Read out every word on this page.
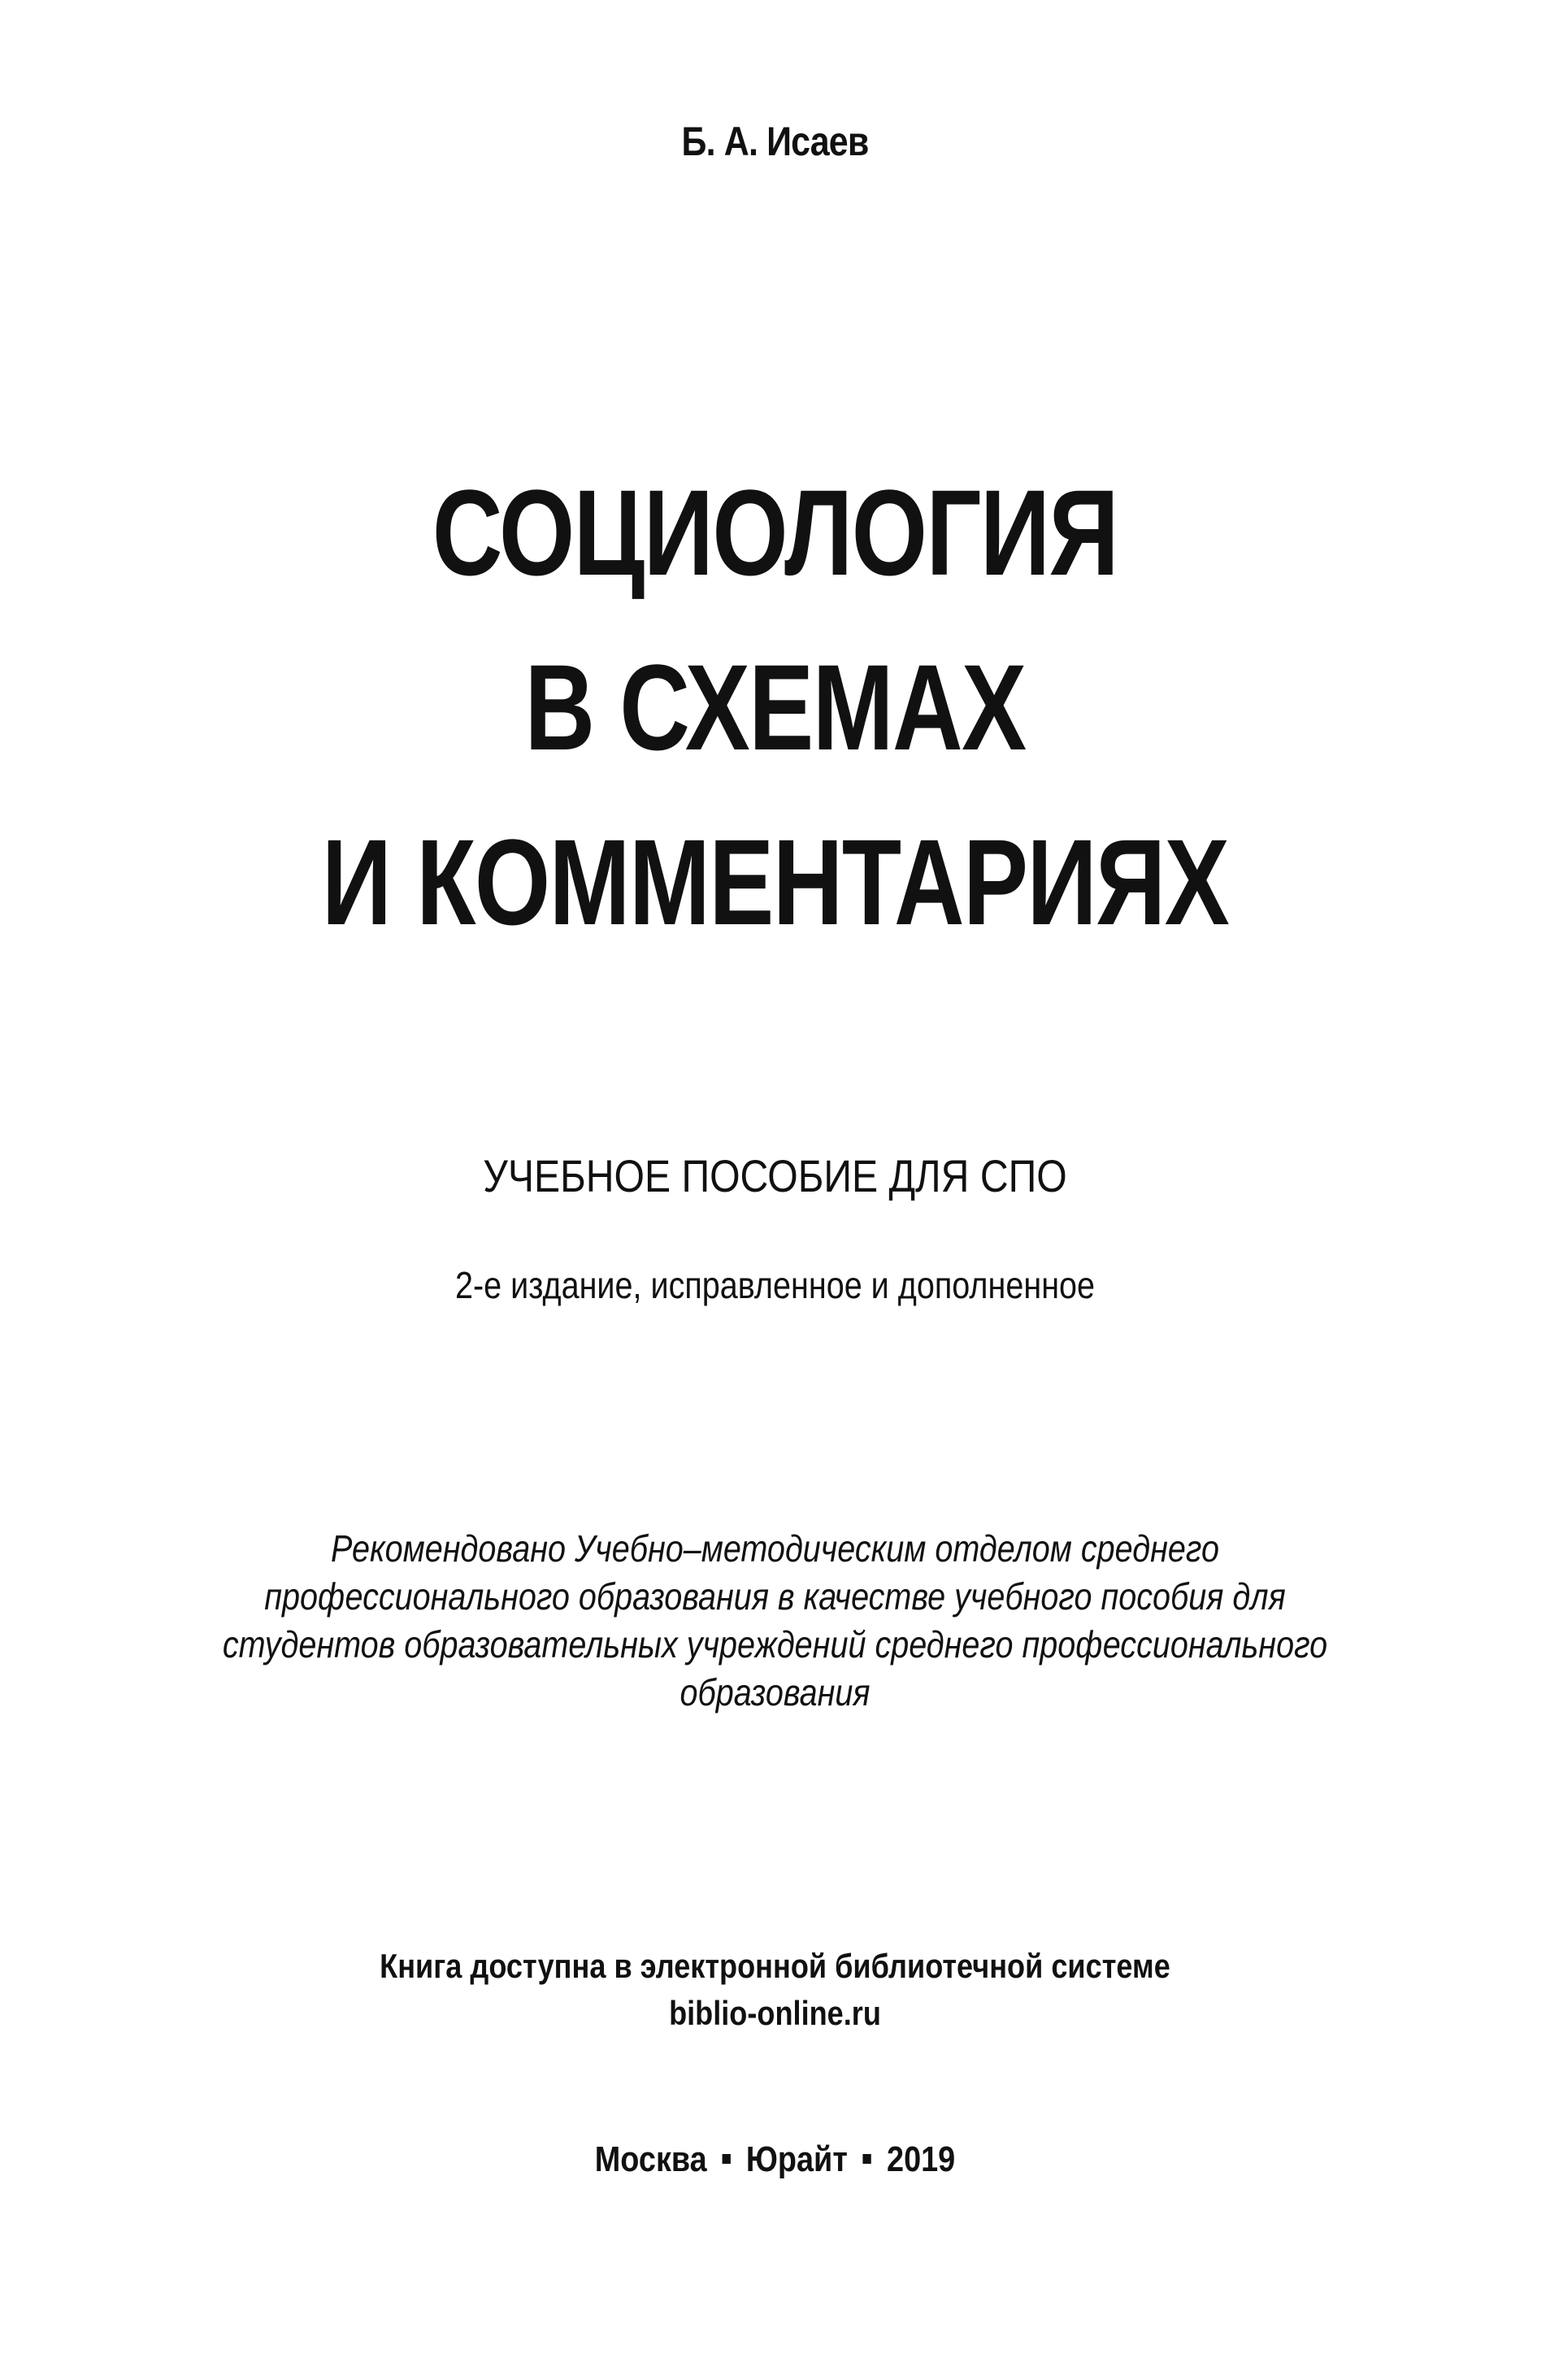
Б. А. Исаев

СОЦИОЛОГИЯ
В СХЕМАХ
И КОММЕНТАРИЯХ

УЧЕБНОЕ ПОСОБИЕ ДЛЯ СПО

2-е издание, исправленное и дополненное

Рекомендовано Учебно–методическим отделом среднего
профессионального образования в качестве учебного пособия для
студентов образовательных учреждений среднего профессионального
образования
Книга доступна в электронной библиотечной системе
biblio-online.ru

Москва Юрайт 2019
